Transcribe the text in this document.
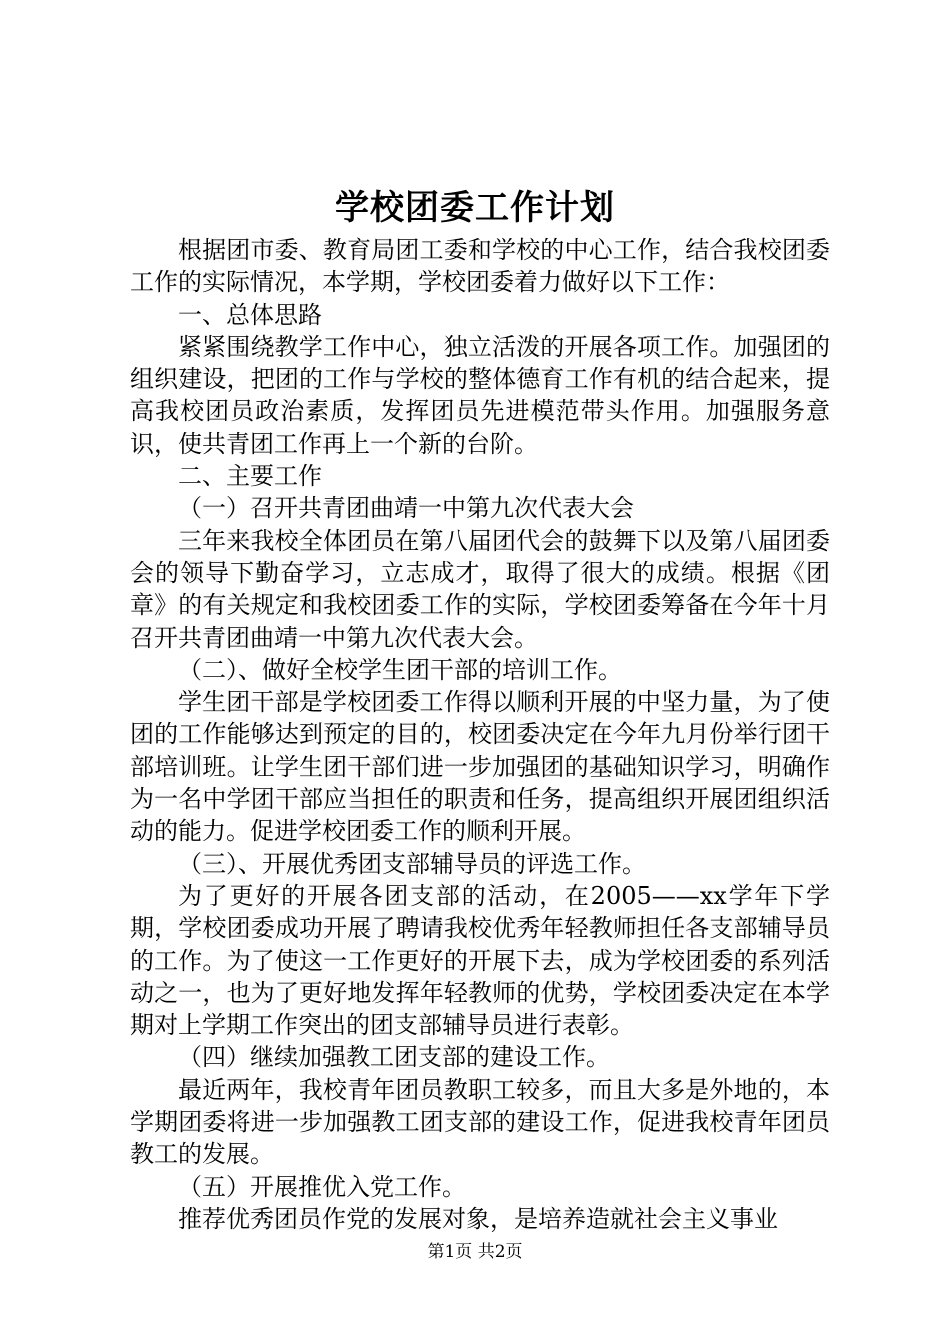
学校团委工作计划

根据团市委、教育局团工委和学校的中心工作，结合我校团委工作的实际情况，本学期，学校团委着力做好以下工作：

一、总体思路

紧紧围绕教学工作中心，独立活泼的开展各项工作。加强团的组织建设，把团的工作与学校的整体德育工作有机的结合起来，提高我校团员政治素质，发挥团员先进模范带头作用。加强服务意识，使共青团工作再上一个新的台阶。

二、主要工作

（一）召开共青团曲靖一中第九次代表大会

三年来我校全体团员在第八届团代会的鼓舞下以及第八届团委会的领导下勤奋学习，立志成才，取得了很大的成绩。根据《团章》的有关规定和我校团委工作的实际，学校团委筹备在今年十月召开共青团曲靖一中第九次代表大会。

（二）、做好全校学生团干部的培训工作。

学生团干部是学校团委工作得以顺利开展的中坚力量，为了使团的工作能够达到预定的目的，校团委决定在今年九月份举行团干部培训班。让学生团干部们进一步加强团的基础知识学习，明确作为一名中学团干部应当担任的职责和任务，提高组织开展团组织活动的能力。促进学校团委工作的顺利开展。

（三）、开展优秀团支部辅导员的评选工作。

为了更好的开展各团支部的活动，在2005——xx学年下学期，学校团委成功开展了聘请我校优秀年轻教师担任各支部辅导员的工作。为了使这一工作更好的开展下去，成为学校团委的系列活动之一，也为了更好地发挥年轻教师的优势，学校团委决定在本学期对上学期工作突出的团支部辅导员进行表彰。

（四）继续加强教工团支部的建设工作。

最近两年，我校青年团员教职工较多，而且大多是外地的，本学期团委将进一步加强教工团支部的建设工作，促进我校青年团员教工的发展。

（五）开展推优入党工作。

推荐优秀团员作党的发展对象，是培养造就社会主义事业

第1页 共2页
